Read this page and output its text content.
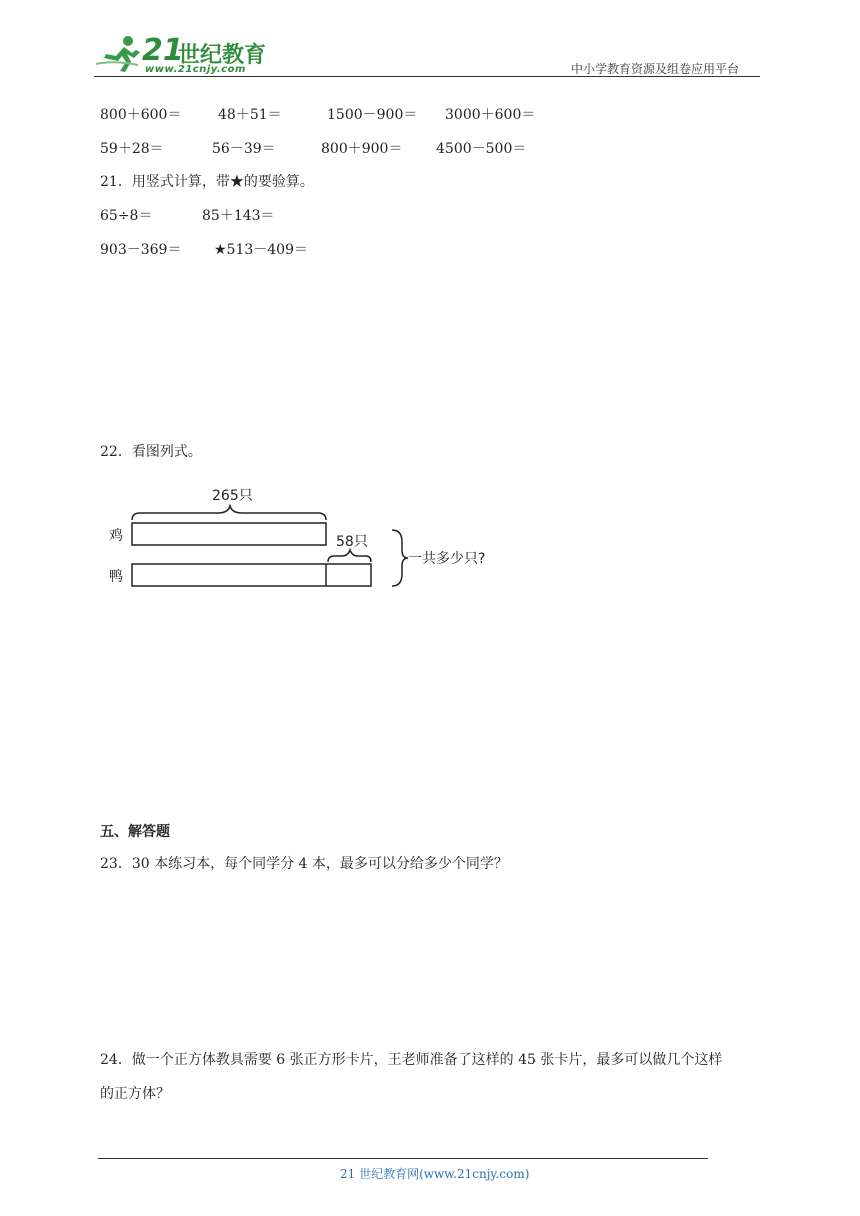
21
世纪教育
www.21cnjy.com	中小学教育资源及组卷应用平台
800＋600＝	48＋51＝	1500－900＝ 3000＋600＝
59＋28＝	56－39＝	800＋900＝ 4500－500＝
21．用竖式计算，带★的要验算。
65÷8＝	85＋143＝
903－369＝ ★513－409＝
22．看图列式。
265只
鸡	58只
鸭
一共多少只?
五、解答题
23．30 本练习本，每个同学分 4 本，最多可以分给多少个同学？
24．做一个正方体教具需要 6 张正方形卡片，王老师准备了这样的 45 张卡片，最多可以做几个这样
的正方体？
21 世纪教育网(www.21cnjy.com)
